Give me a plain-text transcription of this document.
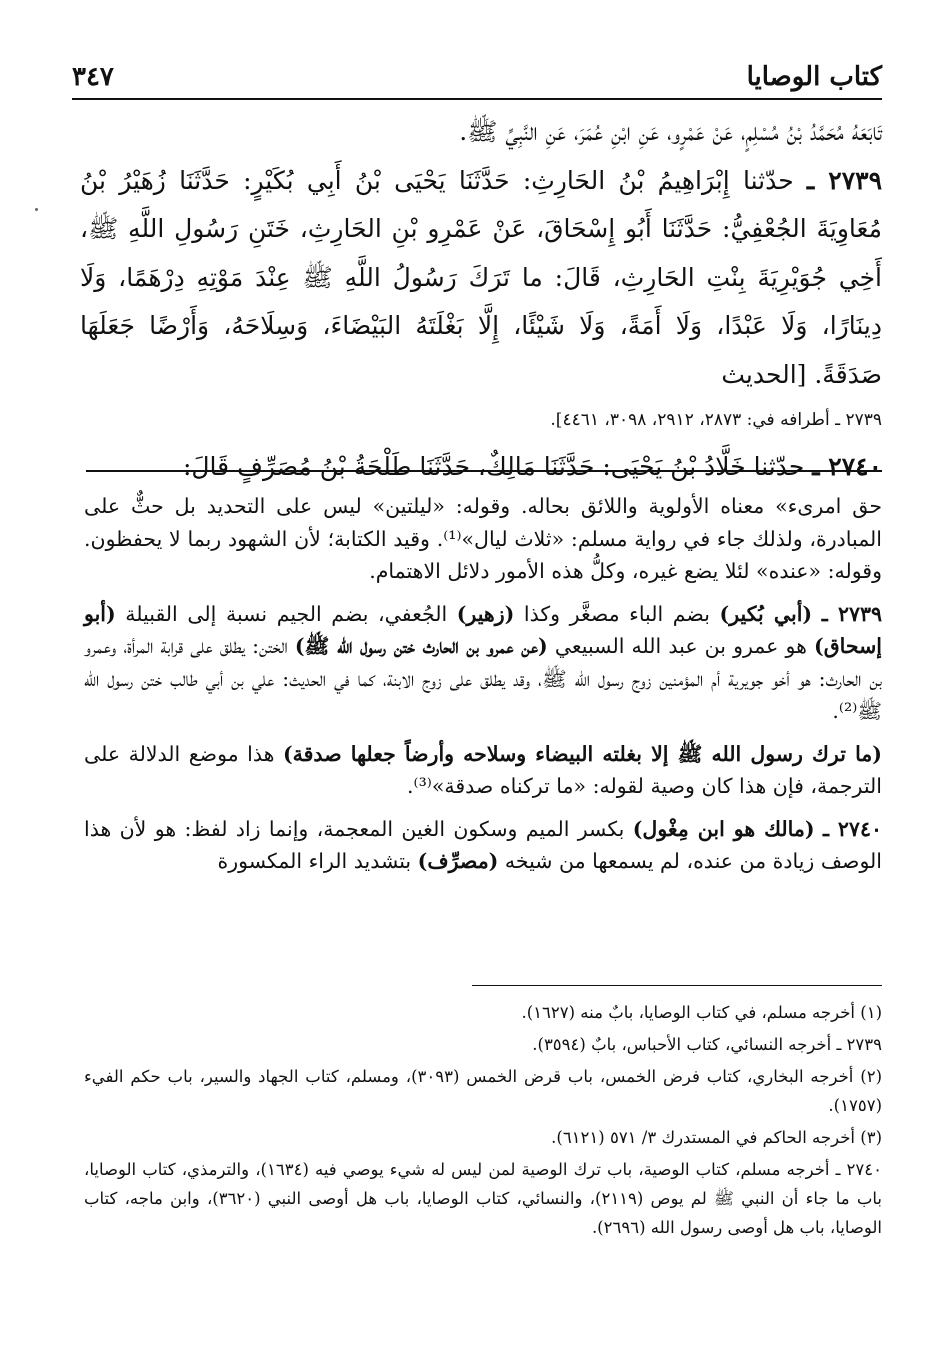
كتاب الوصايا
٣٤٧

تَابَعَهُ مُحَمَّدُ بْنُ مُسْلِمٍ، عَنْ عَمْرٍو، عَنِ ابْنِ عُمَرَ، عَنِ النَّبِيِّ ﷺ.

٢٧٣٩ ـ حدّثنا إِبْرَاهِيمُ بْنُ الحَارِثِ: حَدَّثَنَا يَحْيَى بْنُ أَبِي بُكَيْرٍ: حَدَّثَنَا زُهَيْرُ بْنُ مُعَاوِيَةَ الجُعْفِيُّ: حَدَّثَنَا أَبُو إِسْحَاقَ، عَنْ عَمْرِو بْنِ الحَارِثِ، خَتَنِ رَسُولِ اللَّهِ ﷺ، أَخِي جُوَيْرِيَةَ بِنْتِ الحَارِثِ، قَالَ: ما تَرَكَ رَسُولُ اللَّهِ ﷺ عِنْدَ مَوْتِهِ دِرْهَمًا، وَلَا دِينَارًا، وَلَا عَبْدًا، وَلَا أَمَةً، وَلَا شَيْئًا، إِلَّا بَغْلَتَهُ البَيْضَاءَ، وَسِلَاحَهُ، وَأَرْضًا جَعَلَهَا صَدَقَةً. [الحديث

٢٧٣٩ ـ أطرافه في: ٢٨٧٣، ٢٩١٢، ٣٠٩٨، ٤٤٦١].

٢٧٤٠ ـ حدّثنا خَلَّادُ بْنُ يَحْيَى: حَدَّثَنَا مَالِكٌ، حَدَّثَنَا طَلْحَةُ بْنُ مُصَرِّفٍ قَالَ:

حق امرىء» معناه الأولوية واللائق بحاله. وقوله: «ليلتين» ليس على التحديد بل حثٌّ على المبادرة، ولذلك جاء في رواية مسلم: «ثلاث ليال»⁽¹⁾. وقيد الكتابة؛ لأن الشهود ربما لا يحفظون. وقوله: «عنده» لئلا يضع غيره، وكلُّ هذه الأمور دلائل الاهتمام.

٢٧٣٩ ـ (أبي بُكير) بضم الباء مصغَّر وكذا (زهير) الجُعفي، بضم الجيم نسبة إلى القبيلة (أبو إسحاق) هو عمرو بن عبد الله السبيعي (عن عمرو بن الحارث ختن رسول الله ﷺ) الختن: يطلق على قرابة المرأة، وعمرو بن الحارث: هو أخو جويرية أم المؤمنين زوج رسول الله ﷺ، وقد يطلق على زوج الابنة، كما في الحديث: علي بن أبي طالب ختن رسول الله ﷺ⁽²⁾.

(ما ترك رسول الله ﷺ إلا بغلته البيضاء وسلاحه وأرضاً جعلها صدقة) هذا موضع الدلالة على الترجمة، فإن هذا كان وصية لقوله: «ما تركناه صدقة»⁽³⁾.

٢٧٤٠ ـ (مالك هو ابن مِغْول) بكسر الميم وسكون الغين المعجمة، وإنما زاد لفظ: هو لأن هذا الوصف زيادة من عنده، لم يسمعها من شيخه (مصرِّف) بتشديد الراء المكسورة

(١) أخرجه مسلم، في كتاب الوصايا، بابٌ منه (١٦٢٧).

٢٧٣٩ ـ أخرجه النسائي، كتاب الأحباس، بابٌ (٣٥٩٤).

(٢) أخرجه البخاري، كتاب فرض الخمس، باب قرض الخمس (٣٠٩٣)، ومسلم، كتاب الجهاد والسير، باب حكم الفيء (١٧٥٧).

(٣) أخرجه الحاكم في المستدرك ٣/ ٥٧١ (٦١٢١).

٢٧٤٠ ـ أخرجه مسلم، كتاب الوصية، باب ترك الوصية لمن ليس له شيء يوصي فيه (١٦٣٤)، والترمذي، كتاب الوصايا، باب ما جاء أن النبي ﷺ لم يوص (٢١١٩)، والنسائي، كتاب الوصايا، باب هل أوصى النبي (٣٦٢٠)، وابن ماجه، كتاب الوصايا، باب هل أوصى رسول الله (٢٦٩٦).
